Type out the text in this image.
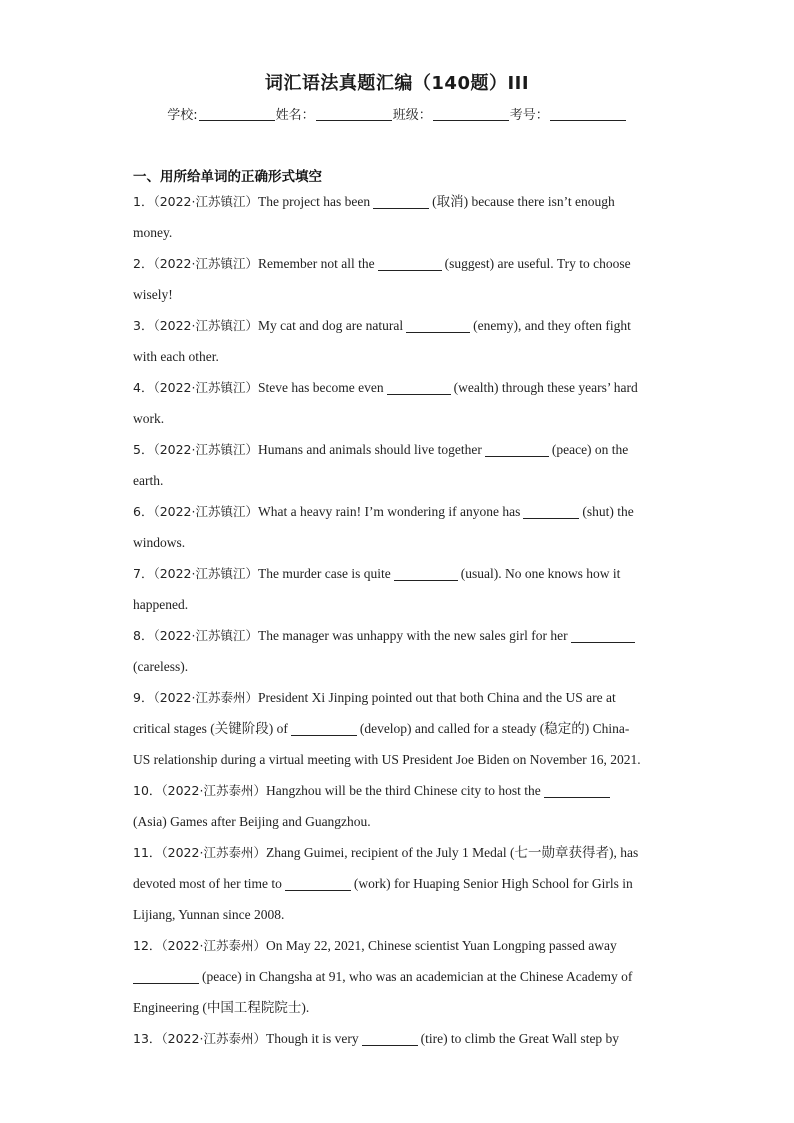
词汇语法真题汇编（140题）III
学校:	姓名：	班级：	考号：
一、用所给单词的正确形式填空
1．（2022·江苏镇江）The project has been	(取消) because there isn’t enough
money.
2．（2022·江苏镇江）Remember not all the	(suggest) are useful. Try to choose
wisely!
3．（2022·江苏镇江）My cat and dog are natural	(enemy), and they often fight
with each other.
4．（2022·江苏镇江）Steve has become even	(wealth) through these years’ hard
work.
5．（2022·江苏镇江）Humans and animals should live together	(peace) on the
earth.
6．（2022·江苏镇江）What a heavy rain! I’m wondering if anyone has	(shut) the
windows.
7．（2022·江苏镇江）The murder case is quite	(usual). No one knows how it
happened.
8．（2022·江苏镇江）The manager was unhappy with the new sales girl for her
(careless).
9．（2022·江苏泰州）President Xi Jinping pointed out that both China and the US are at
critical stages (关键阶段) of	(develop) and called for a steady (稳定的) China-
US relationship during a virtual meeting with US President Joe Biden on November 16, 2021.
10．（2022·江苏泰州）Hangzhou will be the third Chinese city to host the
(Asia) Games after Beijing and Guangzhou.
11．（2022·江苏泰州）Zhang Guimei, recipient of the July 1 Medal (七一勋章获得者), has
devoted most of her time to	(work) for Huaping Senior High School for Girls in
Lijiang, Yunnan since 2008.
12．（2022·江苏泰州）On May 22, 2021, Chinese scientist Yuan Longping passed away
(peace) in Changsha at 91, who was an academician at the Chinese Academy of
Engineering (中国工程院院士).
13．（2022·江苏泰州）Though it is very	(tire) to climb the Great Wall step by
